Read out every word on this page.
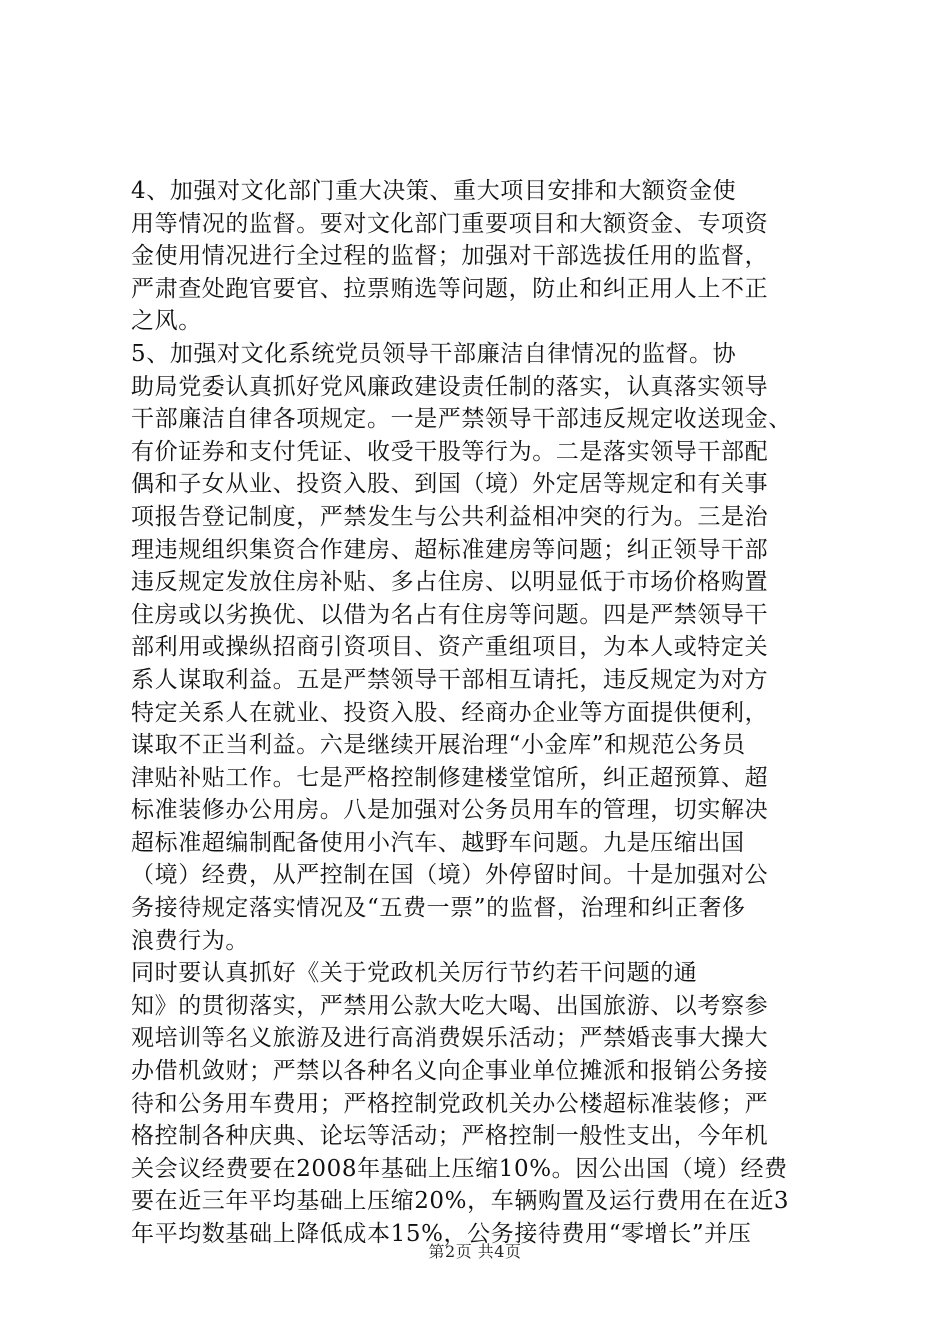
4、加强对文化部门重大决策、重大项目安排和大额资金使
用等情况的监督。要对文化部门重要项目和大额资金、专项资
金使用情况进行全过程的监督；加强对干部选拔任用的监督，
严肃查处跑官要官、拉票贿选等问题，防止和纠正用人上不正
之风。
5、加强对文化系统党员领导干部廉洁自律情况的监督。协
助局党委认真抓好党风廉政建设责任制的落实，认真落实领导
干部廉洁自律各项规定。一是严禁领导干部违反规定收送现金、
有价证券和支付凭证、收受干股等行为。二是落实领导干部配
偶和子女从业、投资入股、到国（境）外定居等规定和有关事
项报告登记制度，严禁发生与公共利益相冲突的行为。三是治
理违规组织集资合作建房、超标准建房等问题；纠正领导干部
违反规定发放住房补贴、多占住房、以明显低于市场价格购置
住房或以劣换优、以借为名占有住房等问题。四是严禁领导干
部利用或操纵招商引资项目、资产重组项目，为本人或特定关
系人谋取利益。五是严禁领导干部相互请托，违反规定为对方
特定关系人在就业、投资入股、经商办企业等方面提供便利，
谋取不正当利益。六是继续开展治理“小金库”和规范公务员
津贴补贴工作。七是严格控制修建楼堂馆所，纠正超预算、超
标准装修办公用房。八是加强对公务员用车的管理，切实解决
超标准超编制配备使用小汽车、越野车问题。九是压缩出国
（境）经费，从严控制在国（境）外停留时间。十是加强对公
务接待规定落实情况及“五费一票”的监督，治理和纠正奢侈
浪费行为。
同时要认真抓好《关于党政机关厉行节约若干问题的通
知》的贯彻落实，严禁用公款大吃大喝、出国旅游、以考察参
观培训等名义旅游及进行高消费娱乐活动；严禁婚丧事大操大
办借机敛财；严禁以各种名义向企事业单位摊派和报销公务接
待和公务用车费用；严格控制党政机关办公楼超标准装修；严
格控制各种庆典、论坛等活动；严格控制一般性支出，今年机
关会议经费要在2008年基础上压缩10%。因公出国（境）经费
要在近三年平均基础上压缩20%，车辆购置及运行费用在在近3
年平均数基础上降低成本15%，公务接待费用“零增长”并压
第2页 共4页
